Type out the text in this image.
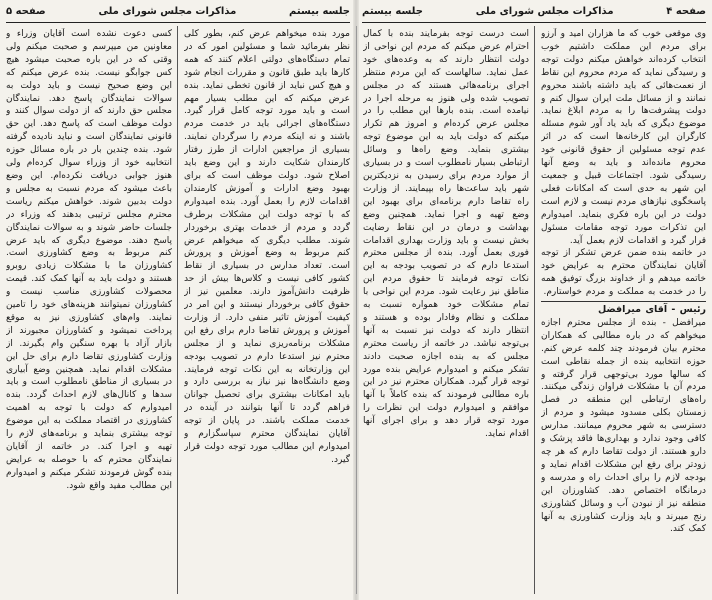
صفحه ۴
مذاکرات مجلس شورای ملی
جلسه بیستم
جلسه بیستم
مذاکرات مجلس شورای ملی
صفحه ۵

وی موقعی خوب که ما هزاران امید و آرزو برای مردم این مملکت داشتیم خوب انتخاب کرده‌اند خواهش میکنم دولت توجه و رسیدگی نماید که مردم محروم این نقاط از نعمت‌هائی که باید داشته باشند محروم نمانند و از مسائل ملت ایران سوال کنم و دولت پیشرفت‌ها را به مردم ابلاغ نماید. موضوع دیگری که باید یاد آور شوم مسئله کارگران این کارخانه‌ها است که در اثر عدم توجه مسئولین از حقوق قانونی خود محروم مانده‌اند و باید به وضع آنها رسیدگی شود. اجتماعات قبیل و جمعیت این شهر به حدی است که امکانات فعلی پاسخگوی نیازهای مردم نیست و لازم است دولت در این باره فکری بنماید. امیدوارم این تذکرات مورد توجه مقامات مسئول قرار گیرد و اقدامات لازم بعمل آید.

در خاتمه بنده ضمن عرض تشکر از توجه آقایان نمایندگان محترم به عرایض خود خاتمه میدهم و از خداوند بزرگ توفیق همه را در خدمت به مملکت و مردم خواستارم.

رئیس - آقای میرافضل

میرافضل - بنده از مجلس محترم اجازه میخواهم که در باره مطالبی که همکاران محترم بیان فرمودند چند کلمه عرض کنم. حوزه انتخابیه بنده از جمله نقاطی است که سالها مورد بی‌توجهی قرار گرفته و مردم آن با مشکلات فراوان زندگی میکنند. راه‌های ارتباطی این منطقه در فصل زمستان بکلی مسدود میشود و مردم از دسترسی به شهر محروم میمانند. مدارس کافی وجود ندارد و بهداری‌ها فاقد پزشک و دارو هستند. از دولت تقاضا دارم که هر چه زودتر برای رفع این مشکلات اقدام نماید و بودجه لازم را برای احداث راه و مدرسه و درمانگاه اختصاص دهد. کشاورزان این منطقه نیز از نبودن آب و وسائل کشاورزی رنج میبرند و باید وزارت کشاورزی به آنها کمک کند.

است درست توجه بفرمایند بنده با کمال احترام عرض میکنم که مردم این نواحی از دولت انتظار دارند که به وعده‌های خود عمل نماید. سالهاست که این مردم منتظر اجرای برنامه‌هائی هستند که در مجلس تصویب شده ولی هنوز به مرحله اجرا در نیامده است. بنده بارها این مطلب را در مجلس عرض کرده‌ام و امروز هم تکرار میکنم که دولت باید به این موضوع توجه بیشتری بنماید. وضع راه‌ها و وسائل ارتباطی بسیار نامطلوب است و در بسیاری از موارد مردم برای رسیدن به نزدیکترین شهر باید ساعت‌ها راه بپیمایند. از وزارت راه تقاضا دارم برنامه‌ای برای بهبود این وضع تهیه و اجرا نماید. همچنین وضع بهداشت و درمان در این نقاط رضایت بخش نیست و باید وزارت بهداری اقدامات فوری بعمل آورد. بنده از مجلس محترم استدعا دارم که در تصویب بودجه به این نکات توجه فرمایند تا حقوق مردم این مناطق نیز رعایت شود. مردم این نواحی با تمام مشکلات خود همواره نسبت به مملکت و نظام وفادار بوده و هستند و انتظار دارند که دولت نیز نسبت به آنها بی‌توجه نباشد. در خاتمه از ریاست محترم مجلس که به بنده اجازه صحبت دادند تشکر میکنم و امیدوارم عرایض بنده مورد توجه قرار گیرد. همکاران محترم نیز در این باره مطالبی فرمودند که بنده کاملاً با آنها موافقم و امیدوارم دولت این نظرات را مورد توجه قرار دهد و برای اجرای آنها اقدام نماید.

مورد بنده میخواهم عرض کنم، بطور کلی نظر بفرمائید شما و مسئولین امور که در تمام دستگاه‌های دولتی اعلام کنند که همه کارها باید طبق قانون و مقررات انجام شود و هیچ کس نباید از قانون تخطی نماید. بنده عرض میکنم که این مطلب بسیار مهم است و باید مورد توجه کامل قرار گیرد. دستگاه‌های اجرائی باید در خدمت مردم باشند و نه اینکه مردم را سرگردان نمایند. بسیاری از مراجعین ادارات از طرز رفتار کارمندان شکایت دارند و این وضع باید اصلاح شود. دولت موظف است که برای بهبود وضع ادارات و آموزش کارمندان اقدامات لازم را بعمل آورد. بنده امیدوارم که با توجه دولت این مشکلات برطرف گردد و مردم از خدمات بهتری برخوردار شوند. مطلب دیگری که میخواهم عرض کنم مربوط به وضع آموزش و پرورش است. تعداد مدارس در بسیاری از نقاط کشور کافی نیست و کلاس‌ها بیش از حد ظرفیت دانش‌آموز دارند. معلمین نیز از حقوق کافی برخوردار نیستند و این امر در کیفیت آموزش تاثیر منفی دارد. از وزارت آموزش و پرورش تقاضا دارم برای رفع این مشکلات برنامه‌ریزی نماید و از مجلس محترم نیز استدعا دارم در تصویب بودجه این وزارتخانه به این نکات توجه فرمایند. وضع دانشگاه‌ها نیز نیاز به بررسی دارد و باید امکانات بیشتری برای تحصیل جوانان فراهم گردد تا آنها بتوانند در آینده در خدمت مملکت باشند. در پایان از توجه آقایان نمایندگان محترم سپاسگزارم و امیدوارم این مطالب مورد توجه دولت قرار گیرد.

کسی دعوت نشده است آقایان وزراء و معاونین من میپرسم و صحبت میکنم ولی وقتی که در این باره صحبت میشود هیچ کس جوابگو نیست. بنده عرض میکنم که این وضع صحیح نیست و باید دولت به سوالات نمایندگان پاسخ دهد. نمایندگان مجلس حق دارند که از دولت سوال کنند و دولت موظف است که پاسخ دهد. این حق قانونی نمایندگان است و نباید نادیده گرفته شود. بنده چندین بار در باره مسائل حوزه انتخابیه خود از وزراء سوال کرده‌ام ولی هنوز جوابی دریافت نکرده‌ام. این وضع باعث میشود که مردم نسبت به مجلس و دولت بدبین شوند. خواهش میکنم ریاست محترم مجلس ترتیبی بدهند که وزراء در جلسات حاضر شوند و به سوالات نمایندگان پاسخ دهند. موضوع دیگری که باید عرض کنم مربوط به وضع کشاورزی است. کشاورزان ما با مشکلات زیادی روبرو هستند و دولت باید به آنها کمک کند. قیمت محصولات کشاورزی مناسب نیست و کشاورزان نمیتوانند هزینه‌های خود را تامین نمایند. وام‌های کشاورزی نیز به موقع پرداخت نمیشود و کشاورزان مجبورند از بازار آزاد با بهره سنگین وام بگیرند. از وزارت کشاورزی تقاضا دارم برای حل این مشکلات اقدام نماید. همچنین وضع آبیاری در بسیاری از مناطق نامطلوب است و باید سدها و کانال‌های لازم احداث گردد. بنده امیدوارم که دولت با توجه به اهمیت کشاورزی در اقتصاد مملکت به این موضوع توجه بیشتری بنماید و برنامه‌های لازم را تهیه و اجرا کند. در خاتمه از آقایان نمایندگان محترم که با حوصله به عرایض بنده گوش فرمودند تشکر میکنم و امیدوارم این مطالب مفید واقع شود.
